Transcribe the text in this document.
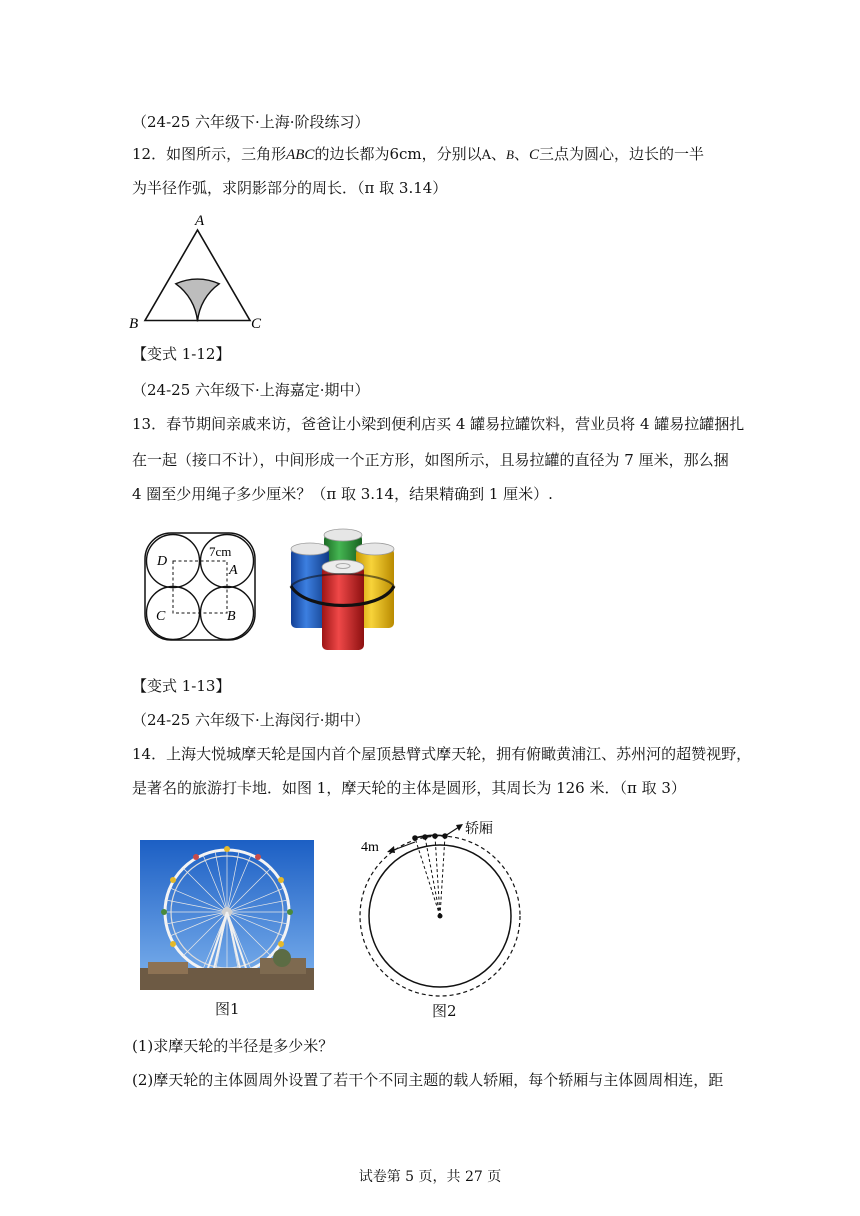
（24-25 六年级下·上海·阶段练习）
12．如图所示，三角形ABC的边长都为6cm，分别以A、B、C三点为圆心，边长的一半
为半径作弧，求阴影部分的周长．（π 取 3.14）
A
B	C
【变式 1-12】
（24-25 六年级下·上海嘉定·期中）
13．春节期间亲戚来访，爸爸让小梁到便利店买 4 罐易拉罐饮料，营业员将 4 罐易拉罐捆扎
在一起（接口不计），中间形成一个正方形，如图所示，且易拉罐的直径为 7 厘米，那么捆
4 圈至少用绳子多少厘米？（π 取 3.14，结果精确到 1 厘米）.
D
A
C	B
7cm
【变式 1-13】
（24-25 六年级下·上海闵行·期中）
14．上海大悦城摩天轮是国内首个屋顶悬臂式摩天轮，拥有俯瞰黄浦江、苏州河的超赞视野，
是著名的旅游打卡地．如图 1，摩天轮的主体是圆形，其周长为 126 米．（π 取 3）
图1
4m
轿厢
图2
(1)求摩天轮的半径是多少米？
(2)摩天轮的主体圆周外设置了若干个不同主题的载人轿厢，每个轿厢与主体圆周相连，距
试卷第 5 页，共 27 页
